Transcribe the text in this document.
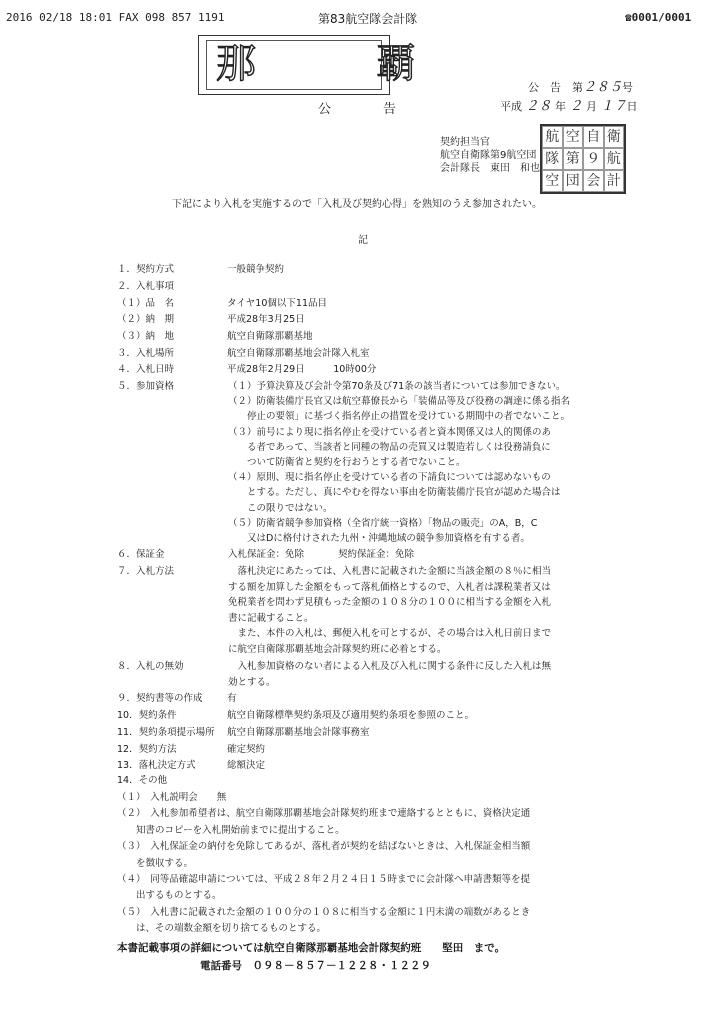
2016 02/18 18:01 FAX 098 857 1191	第83航空隊会計隊	☎0001/0001
那　覇
公　　　　告
公　告　第２８５号
平成 ２８ 年 ２ 月 １７日
契約担当官
航空自衛隊第9航空団
会計隊長　東田　和也
航 空 自 衛
隊 第 ９ 航
空 団 会 計
下記により入札を実施するので「入札及び契約心得」を熟知のうえ参加されたい。
記
１．契約方式	一般競争契約
２．入札事項
（１）品　名	タイヤ10個以下11品目
（２）納　期	平成28年3月25日
（３）納　地	航空自衛隊那覇基地
３．入札場所	航空自衛隊那覇基地会計隊入札室
４．入札日時	平成28年2月29日　　　10時00分
５．参加資格	（１）予算決算及び会計令第70条及び71条の該当者については参加できない。
（２）防衛装備庁長官又は航空幕僚長から「装備品等及び役務の調達に係る指名
　　停止の要領」に基づく指名停止の措置を受けている期間中の者でないこと。
（３）前号により現に指名停止を受けている者と資本関係又は人的関係のあ
　　る者であって、当該者と同種の物品の売買又は製造若しくは役務請負に
　　ついて防衛省と契約を行おうとする者でないこと。
（４）原則、現に指名停止を受けている者の下請負については認めないもの
　　とする。ただし、真にやむを得ない事由を防衛装備庁長官が認めた場合は
　　この限りではない。
（５）防衛省競争参加資格（全省庁統一資格）「物品の販売」のA，B，C
　　又はDに格付けされた九州・沖縄地域の競争参加資格を有する者。
６．保証金	入札保証金：免除	契約保証金：免除
７．入札方法	　落札決定にあたっては、入札書に記載された金額に当該金額の８％に相当
する額を加算した金額をもって落札価格とするので、入札者は課税業者又は
免税業者を問わず見積もった金額の１０８分の１００に相当する金額を入札
書に記載すること。
　また、本件の入札は、郵便入札を可とするが、その場合は入札日前日まで
に航空自衛隊那覇基地会計隊契約班に必着とする。
８．入札の無効	　入札参加資格のない者による入札及び入札に関する条件に反した入札は無
効とする。
９．契約書等の作成	有
10．契約条件	航空自衛隊標準契約条項及び適用契約条項を参照のこと。
11．契約条項提示場所 航空自衛隊那覇基地会計隊事務室
12．契約方法	確定契約
13．落札決定方式	総額決定
14．その他
（１）　入札説明会　　無
（２）　入札参加希望者は、航空自衛隊那覇基地会計隊契約班まで連絡するとともに、資格決定通
　　知書のコピーを入札開始前までに提出すること。
（３）　入札保証金の納付を免除してあるが、落札者が契約を結ばないときは、入札保証金相当額
　　を徴収する。
（４）　同等品確認申請については、平成２８年２月２４日１５時までに会計隊へ申請書類等を提
　　出するものとする。
（５）　入札書に記載された金額の１００分の１０８に相当する金額に１円未満の端数があるとき
　　は、その端数金額を切り捨てるものとする。
本書記載事項の詳細については航空自衛隊那覇基地会計隊契約班　　堅田　まで。
電話番号　０９８－８５７－１２２８・１２２９
